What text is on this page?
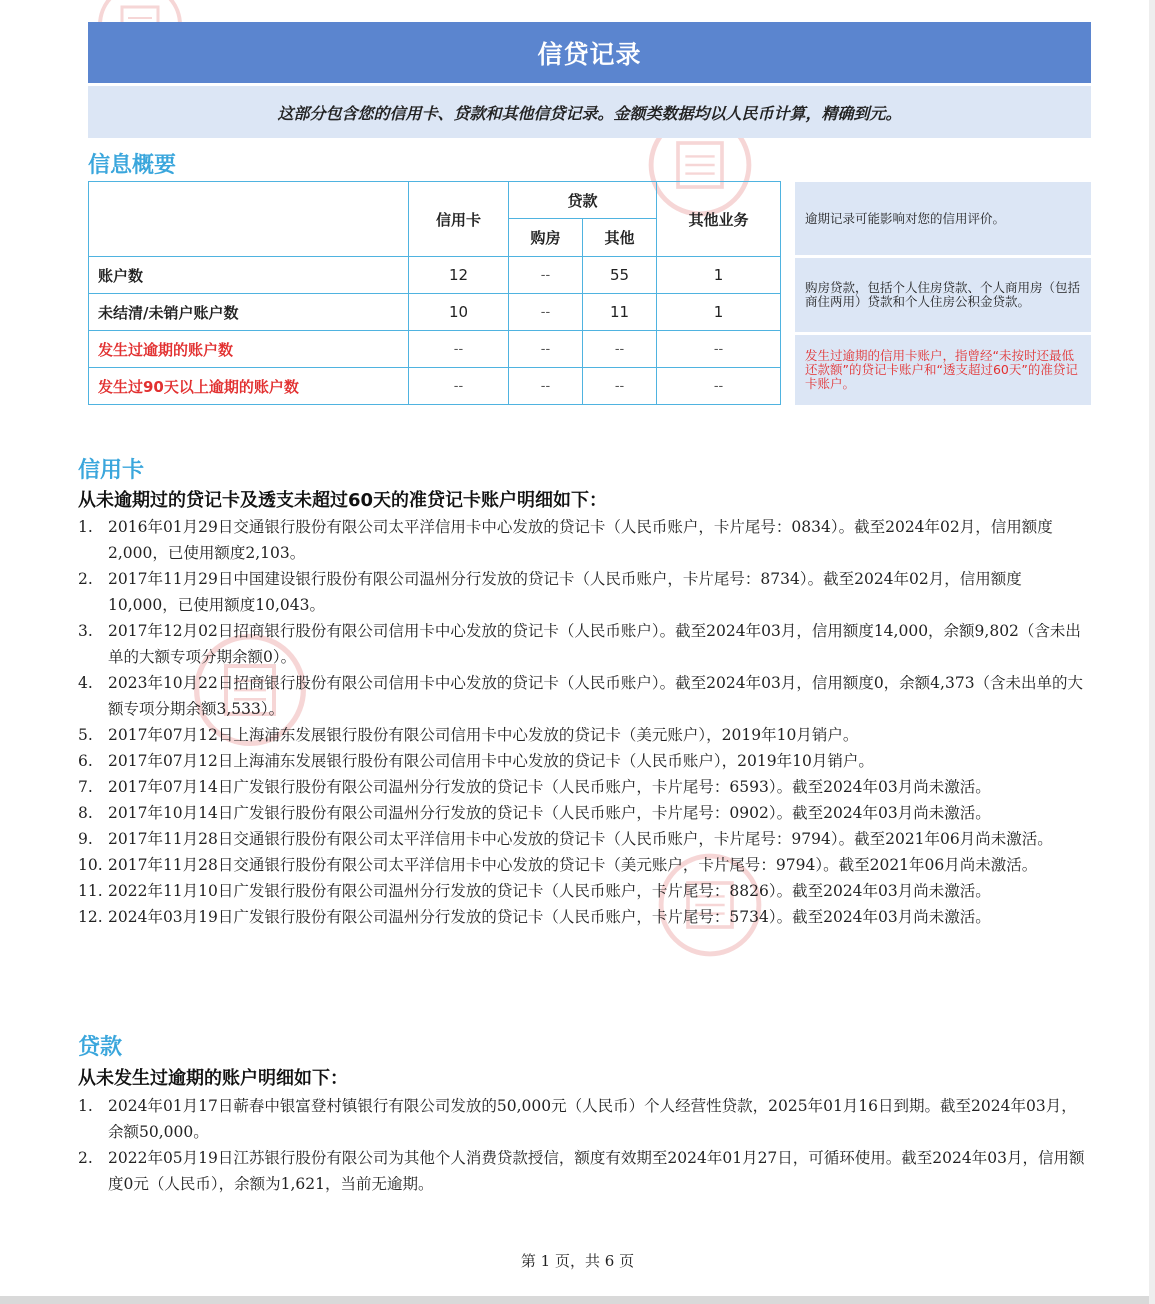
信贷记录
这部分包含您的信用卡、贷款和其他信贷记录。金额类数据均以人民币计算，精确到元。
信息概要
	信用卡	贷款		其他业务
		购房	其他	
账户数	12	--	55	1
未结清/未销户账户数	10	--	11	1
发生过逾期的账户数	--	--	--	--
发生过90天以上逾期的账户数	--	--	--	--
逾期记录可能影响对您的信用评价。
购房贷款，包括个人住房贷款、个人商用房（包括商住两用）贷款和个人住房公积金贷款。
发生过逾期的信用卡账户，指曾经“未按时还最低还款额”的贷记卡账户和“透支超过60天”的准贷记卡账户。
信用卡
从未逾期过的贷记卡及透支未超过60天的准贷记卡账户明细如下：
1. 2016年01月29日交通银行股份有限公司太平洋信用卡中心发放的贷记卡（人民币账户，卡片尾号：0834）。截至2024年02月，信用额度2,000，已使用额度2,103。
2. 2017年11月29日中国建设银行股份有限公司温州分行发放的贷记卡（人民币账户，卡片尾号：8734）。截至2024年02月，信用额度10,000，已使用额度10,043。
3. 2017年12月02日招商银行股份有限公司信用卡中心发放的贷记卡（人民币账户）。截至2024年03月，信用额度14,000，余额9,802（含未出单的大额专项分期余额0）。
4. 2023年10月22日招商银行股份有限公司信用卡中心发放的贷记卡（人民币账户）。截至2024年03月，信用额度0，余额4,373（含未出单的大额专项分期余额3,533）。
5. 2017年07月12日上海浦东发展银行股份有限公司信用卡中心发放的贷记卡（美元账户），2019年10月销户。
6. 2017年07月12日上海浦东发展银行股份有限公司信用卡中心发放的贷记卡（人民币账户），2019年10月销户。
7. 2017年07月14日广发银行股份有限公司温州分行发放的贷记卡（人民币账户，卡片尾号：6593）。截至2024年03月尚未激活。
8. 2017年10月14日广发银行股份有限公司温州分行发放的贷记卡（人民币账户，卡片尾号：0902）。截至2024年03月尚未激活。
9. 2017年11月28日交通银行股份有限公司太平洋信用卡中心发放的贷记卡（人民币账户，卡片尾号：9794）。截至2021年06月尚未激活。
10. 2017年11月28日交通银行股份有限公司太平洋信用卡中心发放的贷记卡（美元账户，卡片尾号：9794）。截至2021年06月尚未激活。
11. 2022年11月10日广发银行股份有限公司温州分行发放的贷记卡（人民币账户，卡片尾号：8826）。截至2024年03月尚未激活。
12. 2024年03月19日广发银行股份有限公司温州分行发放的贷记卡（人民币账户，卡片尾号：5734）。截至2024年03月尚未激活。
贷款
从未发生过逾期的账户明细如下：
1. 2024年01月17日蕲春中银富登村镇银行有限公司发放的50,000元（人民币）个人经营性贷款，2025年01月16日到期。截至2024年03月，余额50,000。
2. 2022年05月19日江苏银行股份有限公司为其他个人消费贷款授信，额度有效期至2024年01月27日，可循环使用。截至2024年03月，信用额度0元（人民币），余额为1,621，当前无逾期。
第 1 页，共 6 页
